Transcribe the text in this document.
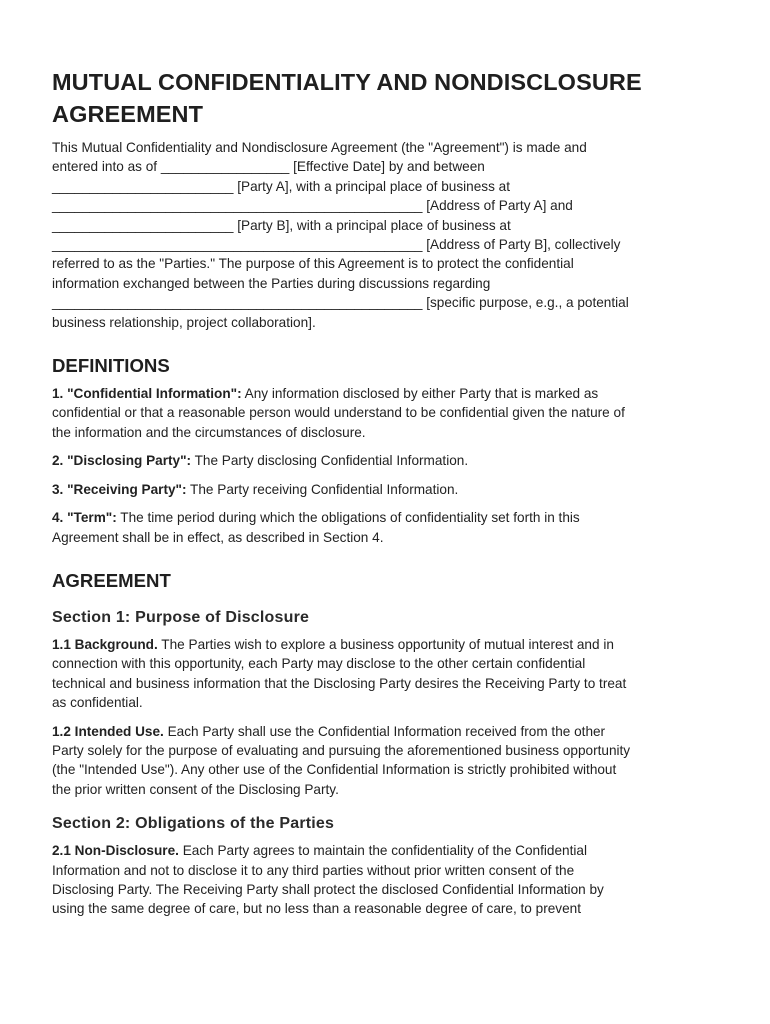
MUTUAL CONFIDENTIALITY AND NONDISCLOSURE
AGREEMENT

This Mutual Confidentiality and Nondisclosure Agreement (the "Agreement") is made and
entered into as of _________________ [Effective Date] by and between
________________________ [Party A], with a principal place of business at
_________________________________________________ [Address of Party A] and
________________________ [Party B], with a principal place of business at
_________________________________________________ [Address of Party B], collectively
referred to as the "Parties." The purpose of this Agreement is to protect the confidential
information exchanged between the Parties during discussions regarding
_________________________________________________ [specific purpose, e.g., a potential
business relationship, project collaboration].

DEFINITIONS

1. "Confidential Information": Any information disclosed by either Party that is marked as
confidential or that a reasonable person would understand to be confidential given the nature of
the information and the circumstances of disclosure.

2. "Disclosing Party": The Party disclosing Confidential Information.

3. "Receiving Party": The Party receiving Confidential Information.

4. "Term": The time period during which the obligations of confidentiality set forth in this
Agreement shall be in effect, as described in Section 4.

AGREEMENT
Section 1: Purpose of Disclosure

1.1 Background. The Parties wish to explore a business opportunity of mutual interest and in
connection with this opportunity, each Party may disclose to the other certain confidential
technical and business information that the Disclosing Party desires the Receiving Party to treat
as confidential.

1.2 Intended Use. Each Party shall use the Confidential Information received from the other
Party solely for the purpose of evaluating and pursuing the aforementioned business opportunity
(the "Intended Use"). Any other use of the Confidential Information is strictly prohibited without
the prior written consent of the Disclosing Party.

Section 2: Obligations of the Parties

2.1 Non-Disclosure. Each Party agrees to maintain the confidentiality of the Confidential
Information and not to disclose it to any third parties without prior written consent of the
Disclosing Party. The Receiving Party shall protect the disclosed Confidential Information by
using the same degree of care, but no less than a reasonable degree of care, to prevent
